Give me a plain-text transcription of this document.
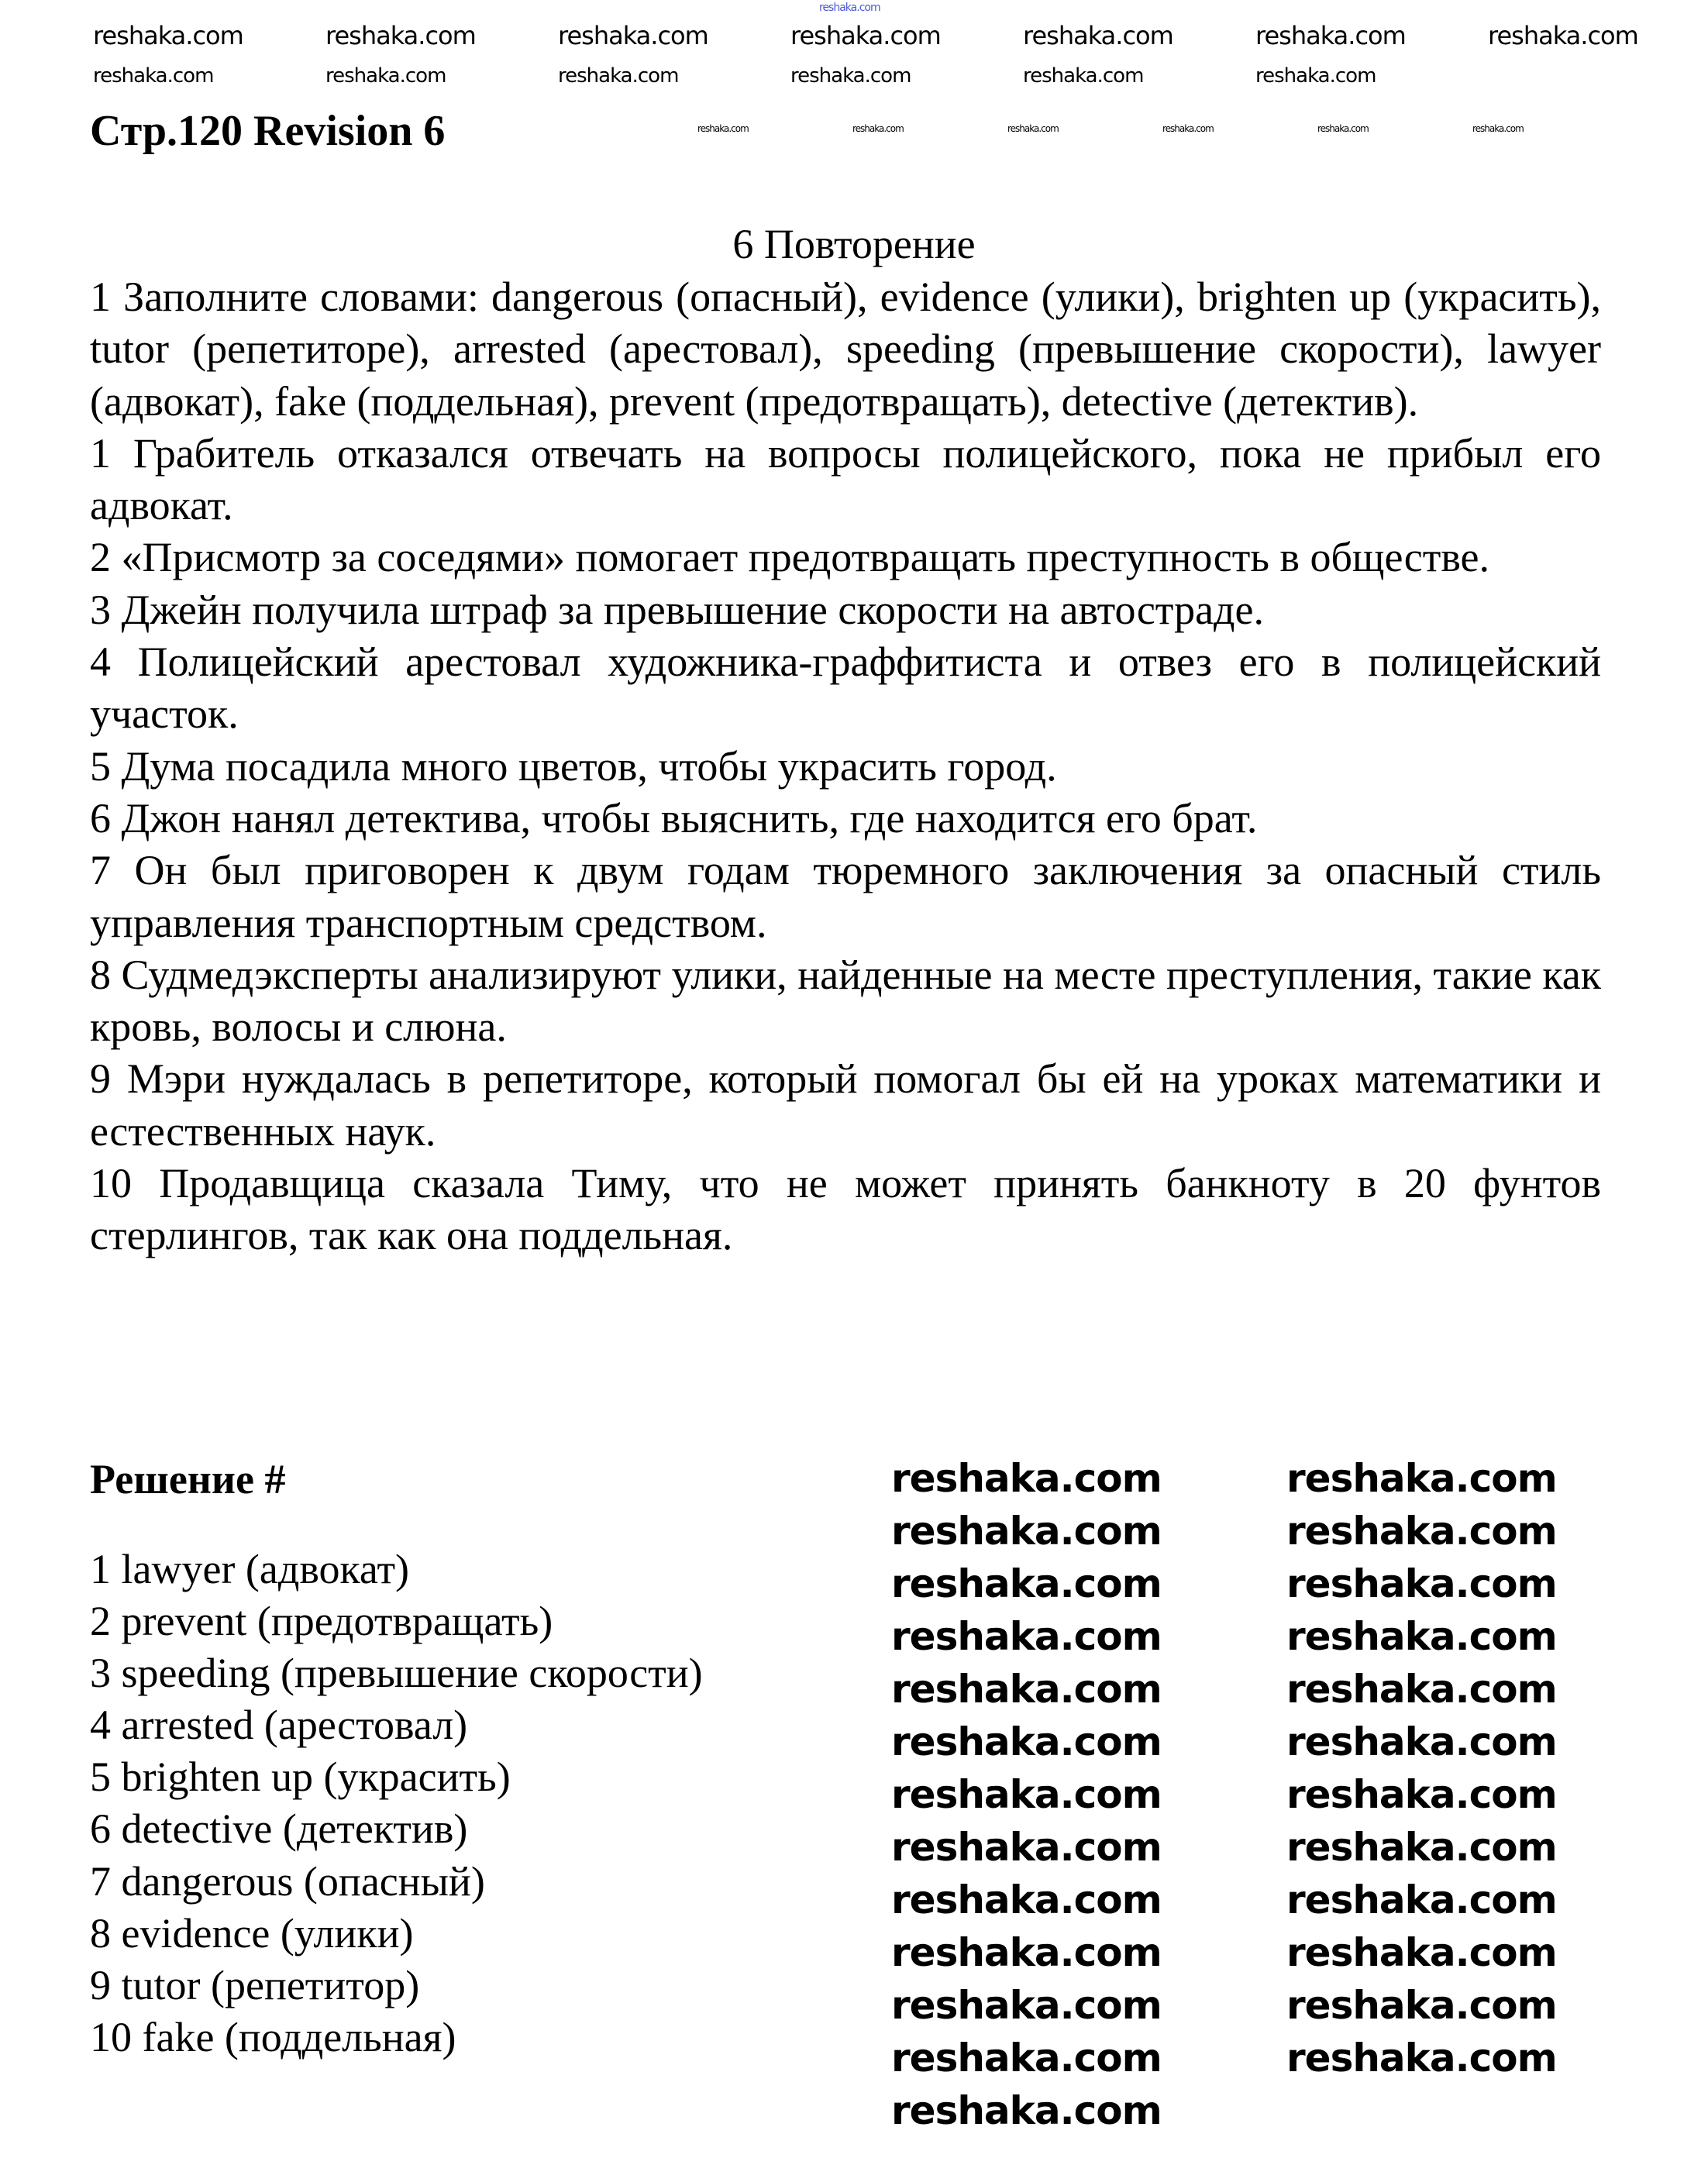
Стр.120 Revision 6
6 Повторение

1 Заполните словами: dangerous (опасный), evidence (улики), brighten up (украсить), tutor (репетиторе), arrested (арестовал), speeding (превышение скорости), lawyer (адвокат), fake (поддельная), prevent (предотвращать), detective (детектив).

1 Грабитель отказался отвечать на вопросы полицейского, пока не прибыл его адвокат.

2 «Присмотр за соседями» помогает предотвращать преступность в обществе.

3 Джейн получила штраф за превышение скорости на автостраде.

4 Полицейский арестовал художника-граффитиста и отвез его в полицейский участок.

5 Дума посадила много цветов, чтобы украсить город.

6 Джон нанял детектива, чтобы выяснить, где находится его брат.

7 Он был приговорен к двум годам тюремного заключения за опасный стиль управления транспортным средством.

8 Судмедэксперты анализируют улики, найденные на месте преступления, такие как кровь, волосы и слюна.

9 Мэри нуждалась в репетиторе, который помогал бы ей на уроках математики и естественных наук.

10 Продавщица сказала Тиму, что не может принять банкноту в 20 фунтов стерлингов, так как она поддельная.

Решение #
1 lawyer (адвокат)
2 prevent (предотвращать)
3 speeding (превышение скорости)
4 arrested (арестовал)
5 brighten up (украсить)
6 detective (детектив)
7 dangerous (опасный)
8 evidence (улики)
9 tutor (репетитор)
10 fake (поддельная)
reshaka.com
reshaka.com	reshaka.com	reshaka.com	reshaka.com	reshaka.com	reshaka.com	reshaka.com
reshaka.com	reshaka.com	reshaka.com	reshaka.com	reshaka.com	reshaka.com
reshaka.com	reshaka.com	reshaka.com	reshaka.com	reshaka.com	reshaka.com
reshaka.com
reshaka.com
reshaka.com
reshaka.com
reshaka.com
reshaka.com
reshaka.com
reshaka.com
reshaka.com
reshaka.com
reshaka.com
reshaka.com
reshaka.com
reshaka.com
reshaka.com
reshaka.com
reshaka.com
reshaka.com
reshaka.com
reshaka.com
reshaka.com
reshaka.com
reshaka.com
reshaka.com
reshaka.com
